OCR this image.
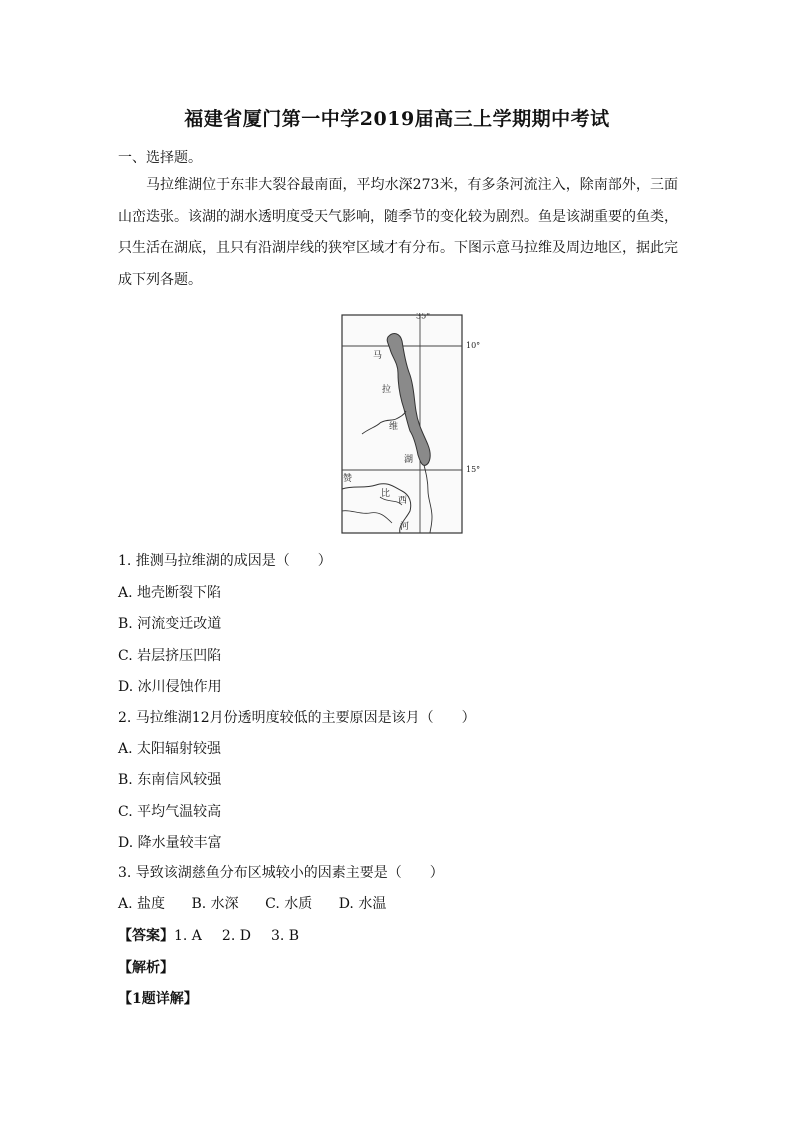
福建省厦门第一中学2019届高三上学期期中考试
一、选择题。

马拉维湖位于东非大裂谷最南面，平均水深273米，有多条河流注入，除南部外，三面山峦迭张。该湖的湖水透明度受天气影响，随季节的变化较为剧烈。鱼是该湖重要的鱼类，只生活在湖底，且只有沿湖岸线的狭窄区域才有分布。下图示意马拉维及周边地区，据此完成下列各题。

35°
10°
15°
马
拉
维
湖
赞
比
西
河
1. 推测马拉维湖的成因是（　　）
A. 地壳断裂下陷
B. 河流变迁改道
C. 岩层挤压凹陷
D. 冰川侵蚀作用
2. 马拉维湖12月份透明度较低的主要原因是该月（　　）
A. 太阳辐射较强
B. 东南信风较强
C. 平均气温较高
D. 降水量较丰富
3. 导致该湖慈鱼分布区城较小的因素主要是（　　）
A. 盐度 B. 水深 C. 水质 D. 水温
【答案】1. A 2. D 3. B
【解析】
【1题详解】
